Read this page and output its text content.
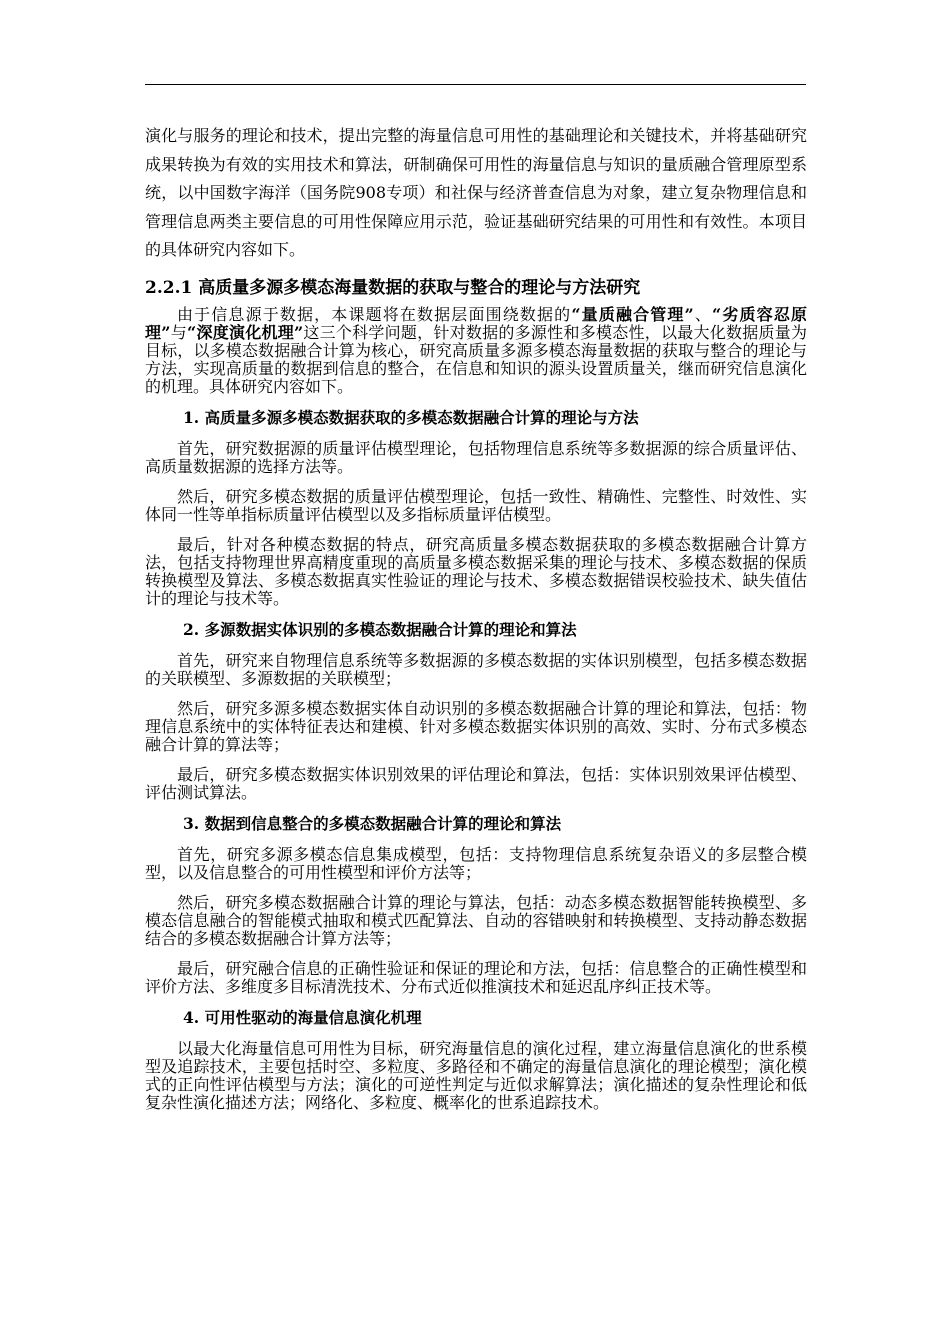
演化与服务的理论和技术，提出完整的海量信息可用性的基础理论和关键技术，并将基础研究成果转换为有效的实用技术和算法，研制确保可用性的海量信息与知识的量质融合管理原型系统，以中国数字海洋（国务院908专项）和社保与经济普查信息为对象，建立复杂物理信息和管理信息两类主要信息的可用性保障应用示范，验证基础研究结果的可用性和有效性。本项目的具体研究内容如下。

2.2.1 高质量多源多模态海量数据的获取与整合的理论与方法研究

由于信息源于数据，本课题将在数据层面围绕数据的“量质融合管理”、“劣质容忍原理”与“深度演化机理”这三个科学问题，针对数据的多源性和多模态性，以最大化数据质量为目标，以多模态数据融合计算为核心，研究高质量多源多模态海量数据的获取与整合的理论与方法，实现高质量的数据到信息的整合，在信息和知识的源头设置质量关，继而研究信息演化的机理。具体研究内容如下。

1. 高质量多源多模态数据获取的多模态数据融合计算的理论与方法

首先，研究数据源的质量评估模型理论，包括物理信息系统等多数据源的综合质量评估、高质量数据源的选择方法等。

然后，研究多模态数据的质量评估模型理论，包括一致性、精确性、完整性、时效性、实体同一性等单指标质量评估模型以及多指标质量评估模型。

最后，针对各种模态数据的特点，研究高质量多模态数据获取的多模态数据融合计算方法，包括支持物理世界高精度重现的高质量多模态数据采集的理论与技术、多模态数据的保质转换模型及算法、多模态数据真实性验证的理论与技术、多模态数据错误校验技术、缺失值估计的理论与技术等。

2. 多源数据实体识别的多模态数据融合计算的理论和算法

首先，研究来自物理信息系统等多数据源的多模态数据的实体识别模型，包括多模态数据的关联模型、多源数据的关联模型；

然后，研究多源多模态数据实体自动识别的多模态数据融合计算的理论和算法，包括：物理信息系统中的实体特征表达和建模、针对多模态数据实体识别的高效、实时、分布式多模态融合计算的算法等；

最后，研究多模态数据实体识别效果的评估理论和算法，包括：实体识别效果评估模型、评估测试算法。

3. 数据到信息整合的多模态数据融合计算的理论和算法

首先，研究多源多模态信息集成模型，包括：支持物理信息系统复杂语义的多层整合模型，以及信息整合的可用性模型和评价方法等；

然后，研究多模态数据融合计算的理论与算法，包括：动态多模态数据智能转换模型、多模态信息融合的智能模式抽取和模式匹配算法、自动的容错映射和转换模型、支持动静态数据结合的多模态数据融合计算方法等；

最后，研究融合信息的正确性验证和保证的理论和方法，包括：信息整合的正确性模型和评价方法、多维度多目标清洗技术、分布式近似推演技术和延迟乱序纠正技术等。

4. 可用性驱动的海量信息演化机理

以最大化海量信息可用性为目标，研究海量信息的演化过程，建立海量信息演化的世系模型及追踪技术，主要包括时空、多粒度、多路径和不确定的海量信息演化的理论模型；演化模式的正向性评估模型与方法；演化的可逆性判定与近似求解算法；演化描述的复杂性理论和低复杂性演化描述方法；网络化、多粒度、概率化的世系追踪技术。
